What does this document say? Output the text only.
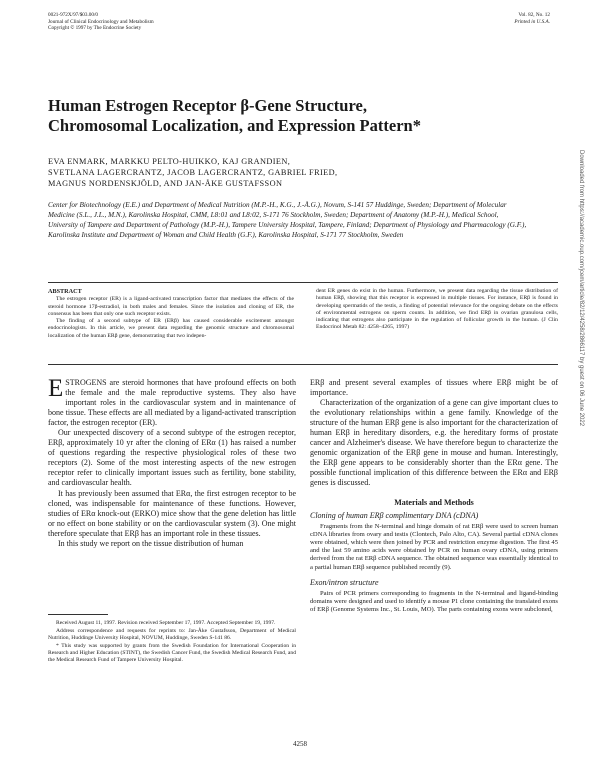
0021-972X/97/$03.00/0
Journal of Clinical Endocrinology and Metabolism
Copyright © 1997 by The Endocrine Society
Vol. 82, No. 12
Printed in U.S.A.
Human Estrogen Receptor β-Gene Structure,
Chromosomal Localization, and Expression Pattern*
EVA ENMARK, MARKKU PELTO-HUIKKO, KAJ GRANDIEN,
SVETLANA LAGERCRANTZ, JACOB LAGERCRANTZ, GABRIEL FRIED,
MAGNUS NORDENSKJÖLD, AND JAN-ÅKE GUSTAFSSON
Center for Biotechnology (E.E.) and Department of Medical Nutrition (M.P.-H., K.G., J.-Å.G.), Novum, S-141 57 Huddinge, Sweden; Department of Molecular Medicine (S.L., J.L., M.N.), Karolinska Hospital, CMM, L8:01 and L8:02, S-171 76 Stockholm, Sweden; Department of Anatomy (M.P.-H.), Medical School, University of Tampere and Department of Pathology (M.P.-H.), Tampere University Hospital, Tampere, Finland; Department of Physiology and Pharmacology (G.F.), Karolinska Institute and Department of Woman and Child Health (G.F.), Karolinska Hospital, S-171 77 Stockholm, Sweden
ABSTRACT

The estrogen receptor (ER) is a ligand-activated transcription factor that mediates the effects of the steroid hormone 17β-estradiol, in both males and females. Since the isolation and cloning of ER, the consensus has been that only one such receptor exists.

The finding of a second subtype of ER (ERβ) has caused considerable excitement amongst endocrinologists. In this article, we present data regarding the genomic structure and chromosomal localization of the human ERβ gene, demonstrating that two indepen-

dent ER genes do exist in the human. Furthermore, we present data regarding the tissue distribution of human ERβ, showing that this receptor is expressed in multiple tissues. For instance, ERβ is found in developing spermatids of the testis, a finding of potential relevance for the ongoing debate on the effects of environmental estrogens on sperm counts. In addition, we find ERβ in ovarian granulosa cells, indicating that estrogens also participate in the regulation of follicular growth in the human. (J Clin Endocrinol Metab 82: 4258–4265, 1997)

ESTROGENS are steroid hormones that have profound effects on both the female and the male reproductive systems. They also have important roles in the cardiovascular system and in maintenance of bone tissue. These effects are all mediated by a ligand-activated transcription factor, the estrogen receptor (ER).

Our unexpected discovery of a second subtype of the estrogen receptor, ERβ, approximately 10 yr after the cloning of ERα (1) has raised a number of questions regarding the respective physiological roles of these two receptors (2). Some of the most interesting aspects of the new estrogen receptor refer to clinically important issues such as fertility, bone stability, and cardiovascular health.

It has previously been assumed that ERα, the first estrogen receptor to be cloned, was indispensable for maintenance of these functions. However, studies of ERα knock-out (ERKO) mice show that the gene deletion has little or no effect on bone stability or on the cardiovascular system (3). One might therefore speculate that ERβ has an important role in these tissues.

In this study we report on the tissue distribution of human

ERβ and present several examples of tissues where ERβ might be of importance.

Characterization of the organization of a gene can give important clues to the evolutionary relationships within a gene family. Knowledge of the structure of the human ERβ gene is also important for the characterization of human ERβ in hereditary disorders, e.g. the hereditary forms of prostate cancer and Alzheimer's disease. We have therefore begun to characterize the genomic organization of the ERβ gene in mouse and human. Interestingly, the ERβ gene appears to be considerably shorter than the ERα gene. The possible functional implication of this difference between the ERα and ERβ genes is discussed.

Materials and Methods
Cloning of human ERβ complimentary DNA (cDNA)

Fragments from the N-terminal and hinge domain of rat ERβ were used to screen human cDNA libraries from ovary and testis (Clontech, Palo Alto, CA). Several partial cDNA clones were obtained, which were then joined by PCR and restriction enzyme digestion. The first 45 and the last 59 amino acids were obtained by PCR on human ovary cDNA, using primers derived from the rat ERβ cDNA sequence. The obtained sequence was essentially identical to a partial human ERβ sequence published recently (9).

Exon/intron structure

Pairs of PCR primers corresponding to fragments in the N-terminal and ligand-binding domains were designed and used to identify a mouse P1 clone containing the translated exons of ERβ (Genome Systems Inc., St. Louis, MO). The parts containing exons were subcloned,

Received August 11, 1997. Revision received September 17, 1997. Accepted September 19, 1997.

Address correspondence and requests for reprints to: Jan-Åke Gustafsson, Department of Medical Nutrition, Huddinge University Hospital, NOVUM, Huddinge, Sweden S-141 86.

* This study was supported by grants from the Swedish Foundation for International Cooperation in Research and Higher Education (STINT), the Swedish Cancer Fund, the Swedish Medical Research Fund, and the Medical Research Fund of Tampere University Hospital.

4258
Downloaded from https://academic.oup.com/jcem/article/82/12/4258/2866117 by guest on 06 June 2022
